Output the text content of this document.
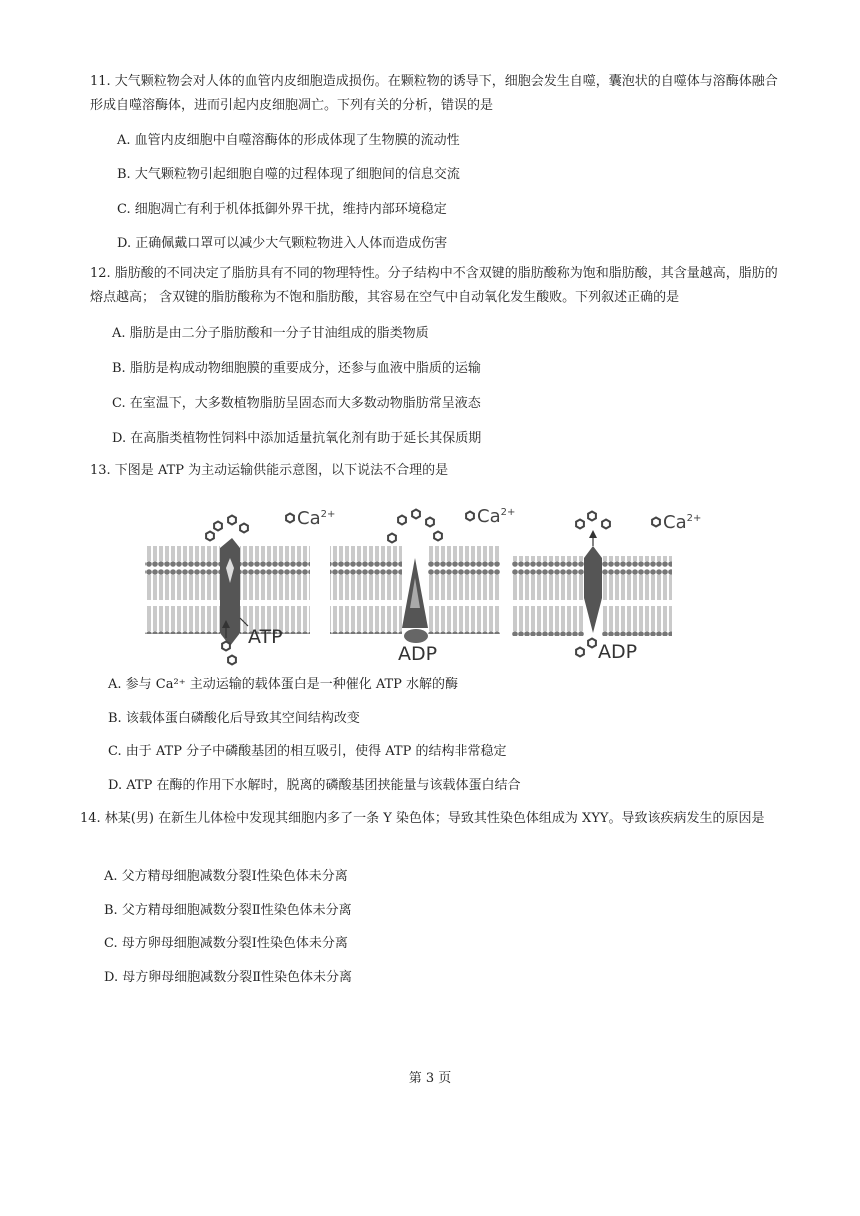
11. 大气颗粒物会对人体的血管内皮细胞造成损伤。在颗粒物的诱导下，细胞会发生自噬，囊泡状的自噬体与溶酶体融合形成自噬溶酶体，进而引起内皮细胞凋亡。下列有关的分析，错误的是

A. 血管内皮细胞中自噬溶酶体的形成体现了生物膜的流动性
B. 大气颗粒物引起细胞自噬的过程体现了细胞间的信息交流
C. 细胞凋亡有利于机体抵御外界干扰，维持内部环境稳定
D. 正确佩戴口罩可以减少大气颗粒物进入人体而造成伤害

12. 脂肪酸的不同决定了脂肪具有不同的物理特性。分子结构中不含双键的脂肪酸称为饱和脂肪酸，其含量越高，脂肪的熔点越高； 含双键的脂肪酸称为不饱和脂肪酸，其容易在空气中自动氧化发生酸败。下列叙述正确的是

A. 脂肪是由二分子脂肪酸和一分子甘油组成的脂类物质
B. 脂肪是构成动物细胞膜的重要成分，还参与血液中脂质的运输
C. 在室温下，大多数植物脂肪呈固态而大多数动物脂肪常呈液态
D. 在高脂类植物性饲料中添加适量抗氧化剂有助于延长其保质期

13. 下图是 ATP 为主动运输供能示意图，以下说法不合理的是

$Ca^{2+}$
ATP
$Ca^{2+}$
ADP
$Ca^{2+}$
ADP
A. 参与 Ca²⁺ 主动运输的载体蛋白是一种催化 ATP 水解的酶
B. 该载体蛋白磷酸化后导致其空间结构改变
C. 由于 ATP 分子中磷酸基团的相互吸引，使得 ATP 的结构非常稳定
D. ATP 在酶的作用下水解时，脱离的磷酸基团挟能量与该载体蛋白结合

14. 林某(男) 在新生儿体检中发现其细胞内多了一条 Y 染色体；导致其性染色体组成为 XYY。导致该疾病发生的原因是

A. 父方精母细胞减数分裂Ⅰ性染色体未分离
B. 父方精母细胞减数分裂Ⅱ性染色体未分离
C. 母方卵母细胞减数分裂Ⅰ性染色体未分离
D. 母方卵母细胞减数分裂Ⅱ性染色体未分离
第 3 页
